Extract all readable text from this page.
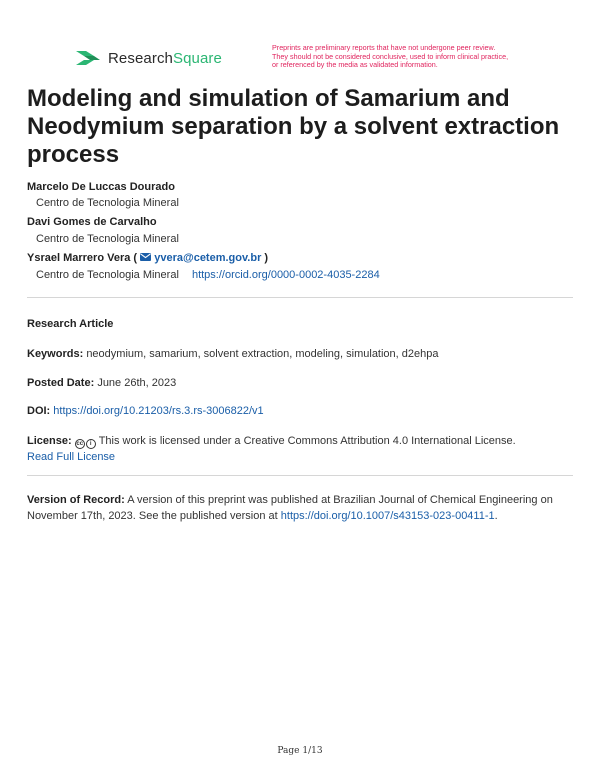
ResearchSquare
Preprints are preliminary reports that have not undergone peer review.
They should not be considered conclusive, used to inform clinical practice,
or referenced by the media as validated information.
Modeling and simulation of Samarium and Neodymium separation by a solvent extraction process
Marcelo De Luccas Dourado
Centro de Tecnologia Mineral
Davi Gomes de Carvalho
Centro de Tecnologia Mineral
Ysrael Marrero Vera ( yvera@cetem.gov.br )
Centro de Tecnologia Mineral https://orcid.org/0000-0002-4035-2284
Research Article
Keywords: neodymium, samarium, solvent extraction, modeling, simulation, d2ehpa
Posted Date: June 26th, 2023
DOI: https://doi.org/10.21203/rs.3.rs-3006822/v1
License: cc	i This work is licensed under a Creative Commons Attribution 4.0 International License.
Read Full License
Version of Record: A version of this preprint was published at Brazilian Journal of Chemical Engineering on November 17th, 2023. See the published version at https://doi.org/10.1007/s43153-023-00411-1.
Page 1/13
